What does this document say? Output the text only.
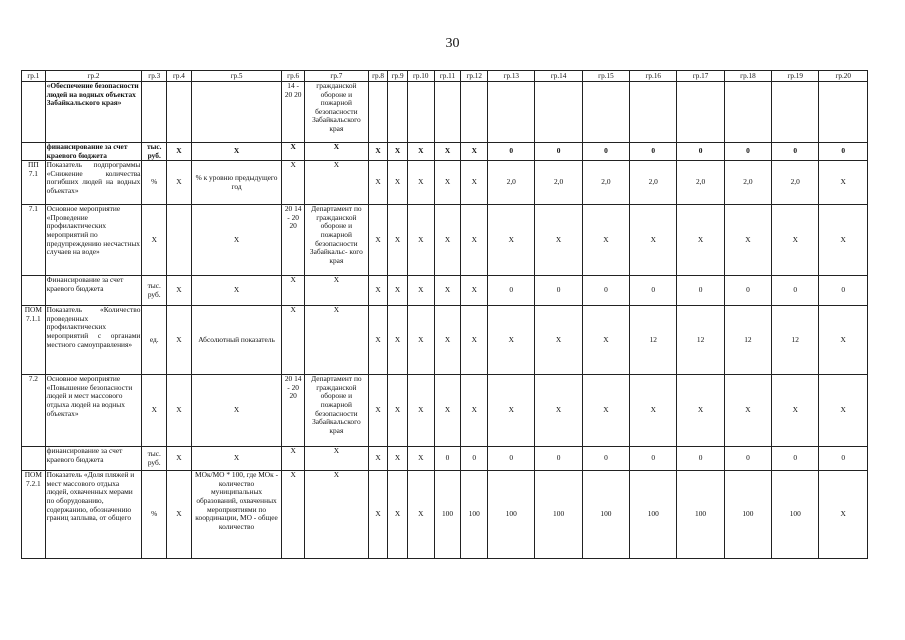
30
гр.1	гр.2	гр.3	гр.4	гр.5	гр.6	гр.7	гр.8	гр.9	гр.10	гр.11	гр.12	гр.13	гр.14	гр.15	гр.16	гр.17	гр.18	гр.19	гр.20
	«Обеспечение безопасности людей на водных объектах Забайкальского края»				14 - 20 20	гражданской обороне и пожарной безопасности Забайкальского края													
	финансирование за счет краевого бюджета	тыс. руб.	X	X	X	X	X	X	X	X	X	0	0	0	0	0	0	0	0
ПП 7.1	Показатель подпрограммы «Снижение количества погибших людей на водных объектах»	%	X	% к уровню предыдущего год	X	X	X	X	X	X	X	2,0	2,0	2,0	2,0	2,0	2,0	2,0	X
7.1	Основное мероприятие «Проведение профилактических мероприятий по предупреждению несчастных случаев на воде»	X		X	20 14 - 20 20	Департамент по гражданской обороне и пожарной безопасности Забайкальс- кого края	X	X	X	X	X	X	X	X	X	X	X	X	X
	Финансирование за счет краевого бюджета	тыс. руб.	X	X	X	X	X	X	X	X	X	0	0	0	0	0	0	0	0
ПОМ 7.1.1	Показатель «Количество проведенных профилактических мероприятий с органами местного самоуправления»	ед.	X	Абсолютный показатель	X	X	X	X	X	X	X	X	X	X	12	12	12	12	X
7.2	Основное мероприятие «Повышение безопасности людей и мест массового отдыха людей на водных объектах»	X	X	X	20 14 - 20 20	Департамент по гражданской обороне и пожарной безопасности Забайкальского края	X	X	X	X	X	X	X	X	X	X	X	X	X
	финансирование за счет краевого бюджета	тыс. руб.	X	X	X	X	X	X	X	0	0	0	0	0	0	0	0	0	0
ПОМ 7.2.1	Показатель «Доля пляжей и мест массового отдыха людей, охваченных мерами по оборудованию, содержанию, обозначению границ заплыва, от общего	%	X	МОк/МО * 100, где МОк - количество муниципальных образований, охваченных мероприятиями по координации, МО - общее количество	X	X	X	X	X	100	100	100	100	100	100	100	100	100	X
